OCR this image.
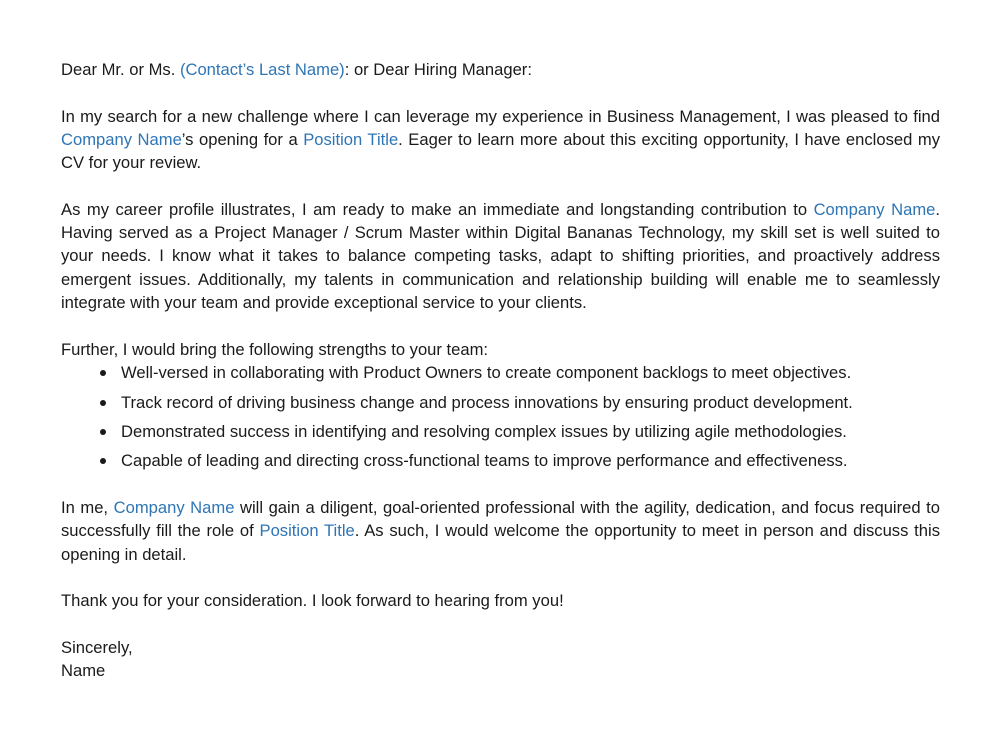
Dear Mr. or Ms. (Contact’s Last Name): or Dear Hiring Manager:

In my search for a new challenge where I can leverage my experience in Business Management, I was pleased to find Company Name’s opening for a Position Title. Eager to learn more about this exciting opportunity, I have enclosed my CV for your review.

As my career profile illustrates, I am ready to make an immediate and longstanding contribution to Company Name. Having served as a Project Manager / Scrum Master within Digital Bananas Technology, my skill set is well suited to your needs. I know what it takes to balance competing tasks, adapt to shifting priorities, and proactively address emergent issues. Additionally, my talents in communication and relationship building will enable me to seamlessly integrate with your team and provide exceptional service to your clients.

Further, I would bring the following strengths to your team:

Well-versed in collaborating with Product Owners to create component backlogs to meet objectives.
Track record of driving business change and process innovations by ensuring product development.
Demonstrated success in identifying and resolving complex issues by utilizing agile methodologies.
Capable of leading and directing cross-functional teams to improve performance and effectiveness.

In me, Company Name will gain a diligent, goal-oriented professional with the agility, dedication, and focus required to successfully fill the role of Position Title. As such, I would welcome the opportunity to meet in person and discuss this opening in detail.

Thank you for your consideration. I look forward to hearing from you!

Sincerely,

Name
